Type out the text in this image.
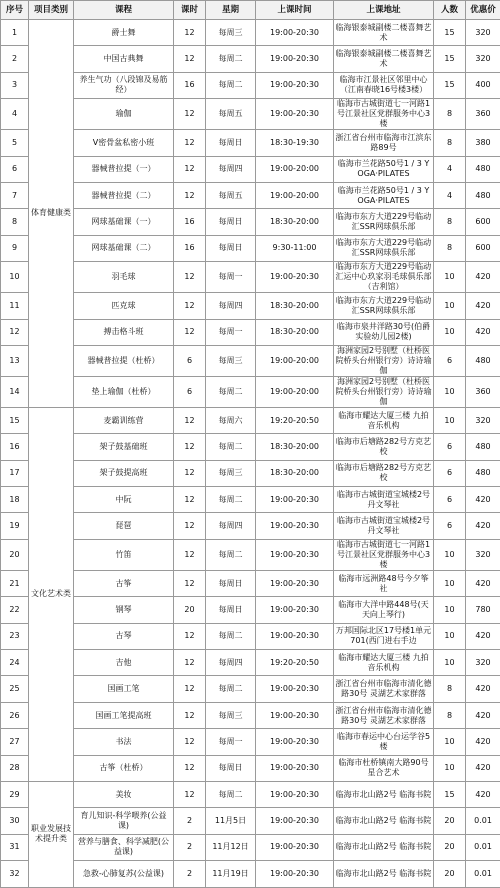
序号	项目类别	课程	课时	星期	上课时间	上课地址	人数	优惠价
1	体育健康类	爵士舞	12	每周三	19:00-20:30	临海银泰城副楼二楼喜舞艺术	15	320
2		中国古典舞	12	每周二	19:00-20:30	临海银泰城副楼二楼喜舞艺术	15	320
3		养生气功（八段锦及易筋经）	16	每周二	19:00-20:30	临海市江景社区邻里中心（江南春晓16号楼3楼）	15	400
4		瑜伽	12	每周五	19:00-20:30	临海市古城街道七一河路1号江景社区党群服务中心3楼	8	360
5		V密骨盆私密小班	12	每周日	18:30-19:30	浙江省台州市临海市江滨东路89号	8	380
6		器械普拉提（一）	12	每周四	19:00-20:00	临海市兰花路50号1 / 3 YOGA·PILATES	4	480
7		器械普拉提（二）	12	每周五	19:00-20:00	临海市兰花路50号1 / 3 YOGA·PILATES	4	480
8		网球基础课（一）	16	每周日	18:30-20:00	临海市东方大道229号临动汇SSR网球俱乐部	8	600
9		网球基础课（二）	16	每周日	9:30-11:00	临海市东方大道229号临动汇SSR网球俱乐部	8	600
10		羽毛球	12	每周一	19:00-20:30	临海市东方大道229号临动汇运中心玖家羽毛球俱乐部（吉利馆）	10	420
11		匹克球	12	每周四	18:30-20:00	临海市东方大道229号临动汇SSR网球俱乐部	10	420
12		搏击格斗班	12	每周一	18:30-20:00	临海市泉井洋路30号(伯爵实验幼儿园2楼)	10	420
13		器械普拉提（杜桥）	6	每周三	19:00-20:00	海洲家园2号别墅（杜桥医院桥头台州银行旁）诗诗瑜伽	6	480
14		垫上瑜伽（杜桥）	6	每周二	19:00-20:00	海洲家园2号别墅（杜桥医院桥头台州银行旁）诗诗瑜伽	10	360
15	文化艺术类	麦霸训练营	12	每周六	19:20-20:50	临海市耀达大厦三楼 九拍音乐机构	10	320
16		架子鼓基础班	12	每周二	18:30-20:00	临海市后塘路282号方克艺校	6	480
17		架子鼓提高班	12	每周三	18:30-20:00	临海市后塘路282号方克艺校	6	480
18		中阮	12	每周二	19:00-20:30	临海市古城街道宝城楼2号丹文琴社	6	420
19		琵琶	12	每周四	19:00-20:30	临海市古城街道宝城楼2号丹文琴社	6	420
20		竹笛	12	每周二	19:00-20:30	临海市古城街道七一河路1号江景社区党群服务中心3楼	10	320
21		古筝	12	每周日	19:00-20:30	临海市远洲路48号今夕筝社	10	420
22		钢琴	20	每周日	19:00-20:30	临海市大洋中路448号(天天向上琴行)	10	780
23		古琴	12	每周二	19:00-20:30	万邦国际北区17号楼1单元701(西门进右手边	10	420
24		吉他	12	每周四	19:20-20:50	临海市耀达大厦三楼 九拍音乐机构	10	320
25		国画工笔	12	每周二	19:00-20:30	浙江省台州市临海市清化德路30号 灵湖艺术家群落	8	420
26		国画工笔提高班	12	每周三	19:00-20:30	浙江省台州市临海市清化德路30号 灵湖艺术家群落	8	420
27		书法	12	每周一	19:00-20:30	临海市春运中心台运学谷5楼	10	420
28		古筝（杜桥）	12	每周日	19:00-20:30	临海市杜桥镇南大路90号星合艺术	10	420
29	职业发展技术提升类	美妆	12	每周二	19:00-20:30	临海市北山路2号 临海书院	15	420
30		育儿知识-科学喂养(公益课)	2	11月5日	19:00-20:30	临海市北山路2号 临海书院	20	0.01
31		营养与膳食、科学减肥(公益课)	2	11月12日	19:00-20:30	临海市北山路2号 临海书院	20	0.01
32		急救-心肺复苏(公益课)	2	11月19日	19:00-20:30	临海市北山路2号 临海书院	20	0.01
